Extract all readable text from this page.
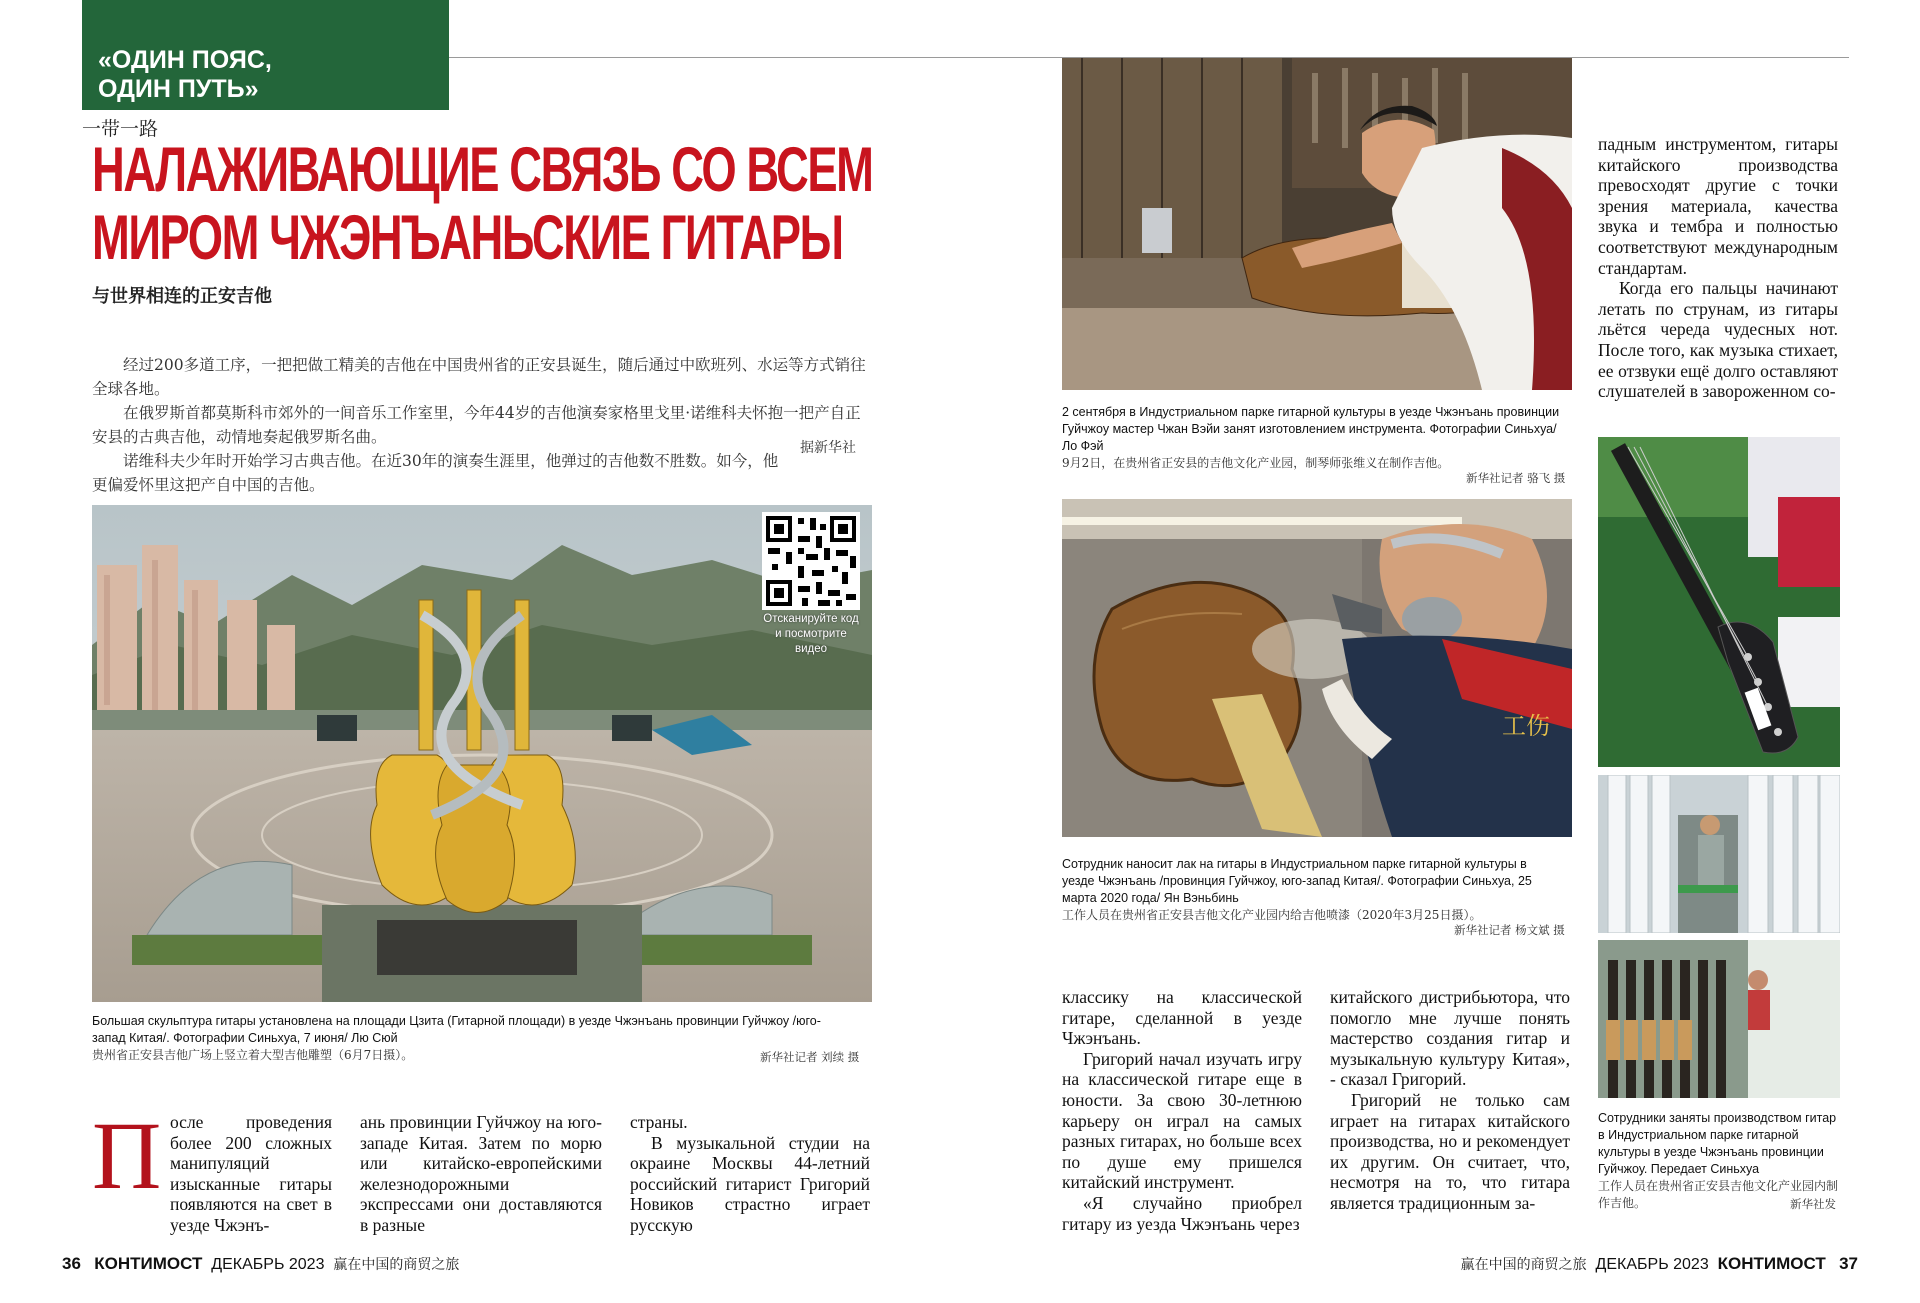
«ОДИН ПОЯС,
ОДИН ПУТЬ»
一带一路
НАЛАЖИВАЮЩИЕ СВЯЗЬ СО ВСЕМ
МИРОМ ЧЖЭНЪАНЬСКИЕ ГИТАРЫ
与世界相连的正安吉他

经过200多道工序，一把把做工精美的吉他在中国贵州省的正安县诞生，随后通过中欧班列、水运等方式销往全球各地。

在俄罗斯首都莫斯科市郊外的一间音乐工作室里，今年44岁的吉他演奏家格里戈里·诺维科夫怀抱一把产自正安县的古典吉他，动情地奏起俄罗斯名曲。

诺维科夫少年时开始学习古典吉他。在近30年的演奏生涯里，他弹过的吉他数不胜数。如今，他更偏爱怀里这把产自中国的吉他。

据新华社
Отсканируйте код и посмотрите видео
Большая скульптура гитары установлена на площади Цзита (Гитарной площади) в уезде Чжэнъань провинции Гуйчжоу /юго-запад Китая/. Фотографии Синьхуа, 7 июня/ Лю Сюй
贵州省正安县吉他广场上竖立着大型吉他雕塑（6月7日摄）。	新华社记者 刘续 摄
П осле проведения более 200 сложных манипуляций изысканные гитары появляются на свет в уезде Чжэнъ-

ань провинции Гуйчжоу на юго-западе Китая. Затем по морю или китайско-европейскими железнодорожными экспрессами они доставляются в разные

страны.

В музыкальной студии на окраине Москвы 44-летний российский гитарист Григорий Новиков страстно играет русскую

2 сентября в Индустриальном парке гитарной культуры в уезде Чжэнъань провинции Гуйчжоу мастер Чжан Вэйи занят изготовлением инструмента. Фотографии Синьхуа/ Ло Фэй
9月2日，在贵州省正安县的吉他文化产业园，制琴师张维义在制作吉他。
新华社记者 骆飞 摄

падным инструментом, гитары китайского производства превосходят другие с точки зрения материала, качества звука и тембра и полностью соответствуют международным стандартам.

Когда его пальцы начинают летать по струнам, из гитары льётся череда чудесных нот. После того, как музыка стихает, ее отзвуки ещё долго оставляют слушателей в завороженном со-

工伤
Сотрудник наносит лак на гитары в Индустриальном парке гитарной культуры в уезде Чжэнъань /провинция Гуйчжоу, юго-запад Китая/. Фотографии Синьхуа, 25 марта 2020 года/ Ян Вэньбинь
工作人员在贵州省正安县吉他文化产业园内给吉他喷漆（2020年3月25日摄）。
新华社记者 杨文斌 摄
Сотрудники заняты производством гитар в Индустриальном парке гитарной культуры в уезде Чжэнъань провинции Гуйчжоу. Передает Синьхуа
工作人员在贵州省正安县吉他文化产业园内制作吉他。	新华社发

классику на классической гитаре, сделанной в уезде Чжэнъань.

Григорий начал изучать игру на классической гитаре еще в юности. За свою 30-летнюю карьеру он играл на самых разных гитарах, но больше всех по душе ему пришелся китайский инструмент.

«Я случайно приобрел гитару из уезда Чжэнъань через

китайского дистрибьютора, что помогло мне лучше понять мастерство создания гитар и музыкальную культуру Китая», - сказал Григорий.

Григорий не только сам играет на гитарах китайского производства, но и рекомендует их другим. Он считает, что, несмотря на то, что гитара является традиционным за-

36 КОНТИМОСТ ДЕКАБРЬ 2023 赢在中国的商贸之旅	赢在中国的商贸之旅 ДЕКАБРЬ 2023 КОНТИМОСТ 37
